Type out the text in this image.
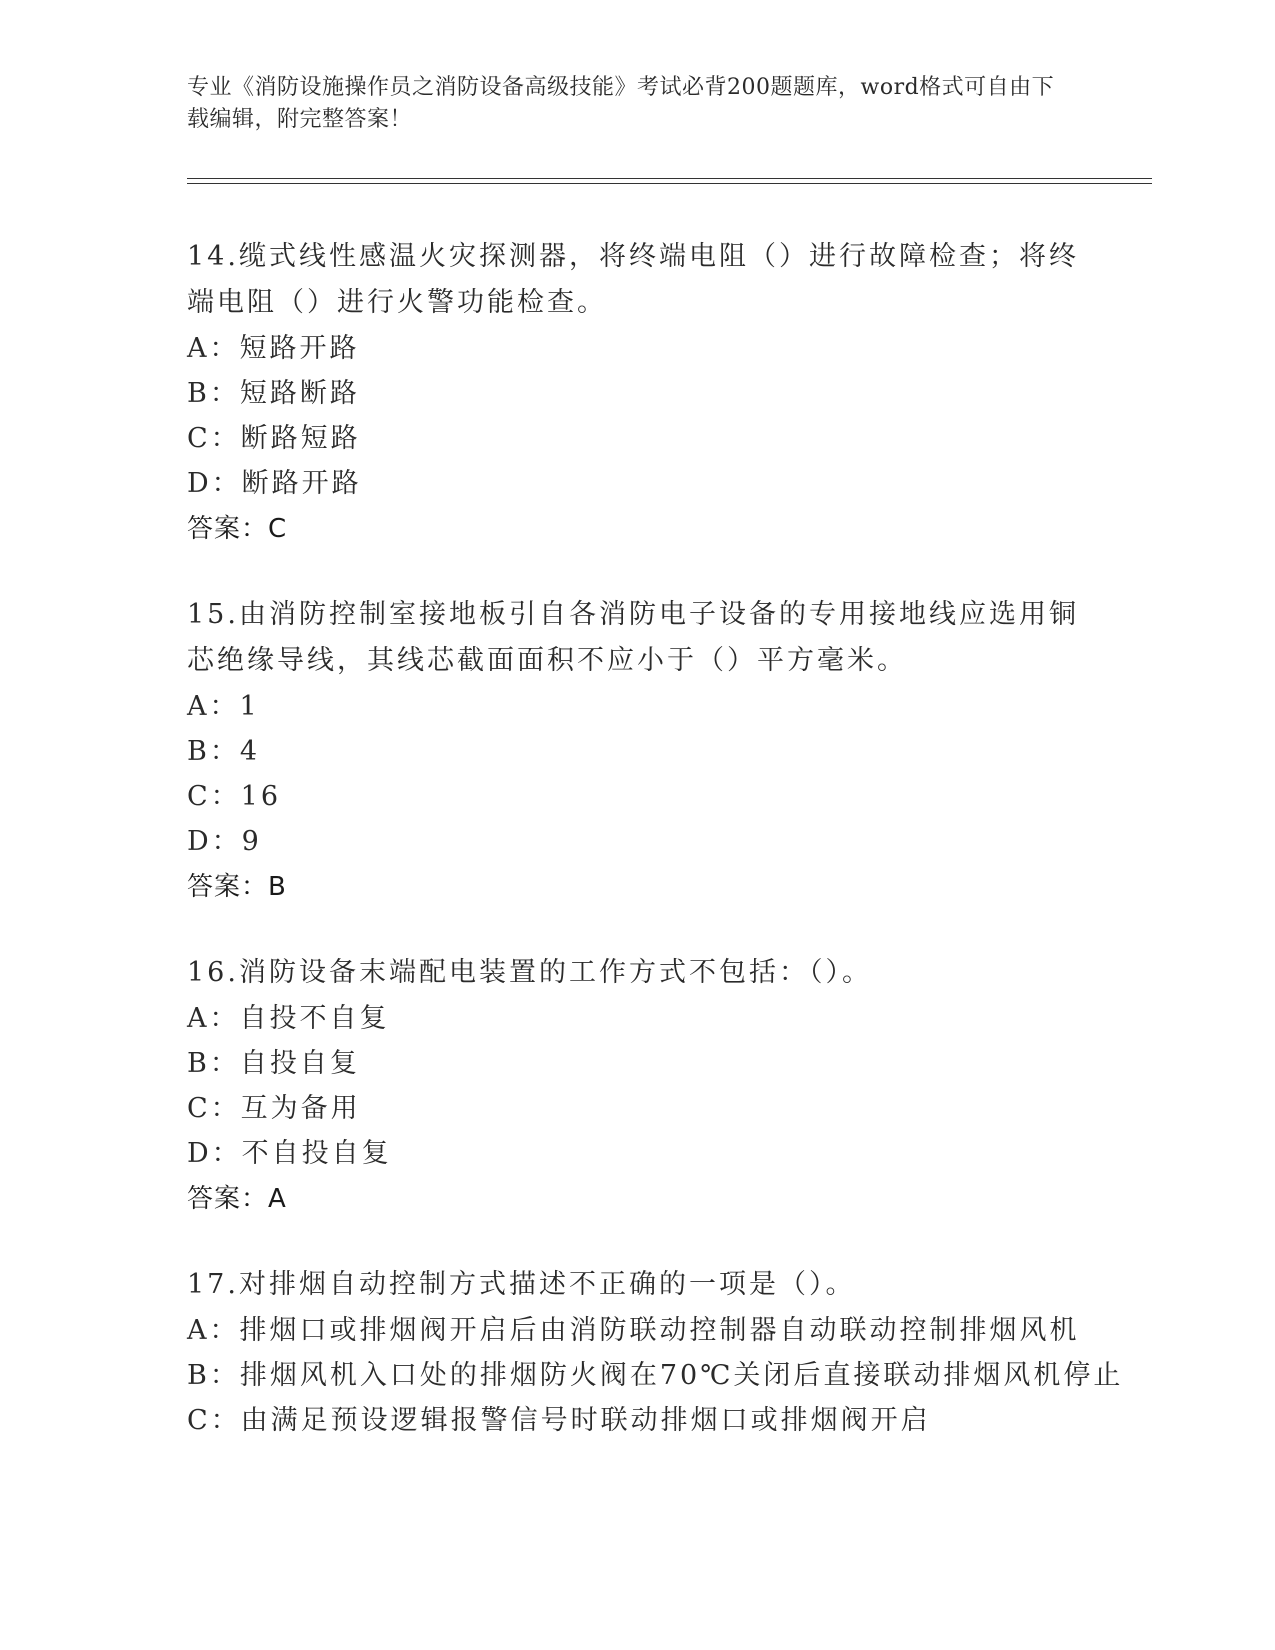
专业《消防设施操作员之消防设备高级技能》考试必背200题题库，word格式可自由下载编辑，附完整答案！

14.缆式线性感温火灾探测器，将终端电阻（）进行故障检查；将终端电阻（）进行火警功能检查。

A：短路开路

B：短路断路

C：断路短路

D：断路开路

答案：C

15.由消防控制室接地板引自各消防电子设备的专用接地线应选用铜芯绝缘导线，其线芯截面面积不应小于（）平方毫米。

A：1

B：4

C：16

D：9

答案：B

16.消防设备末端配电装置的工作方式不包括：（）。

A：自投不自复

B：自投自复

C：互为备用

D：不自投自复

答案：A

17.对排烟自动控制方式描述不正确的一项是（）。

A：排烟口或排烟阀开启后由消防联动控制器自动联动控制排烟风机

B：排烟风机入口处的排烟防火阀在70℃关闭后直接联动排烟风机停止

C：由满足预设逻辑报警信号时联动排烟口或排烟阀开启
